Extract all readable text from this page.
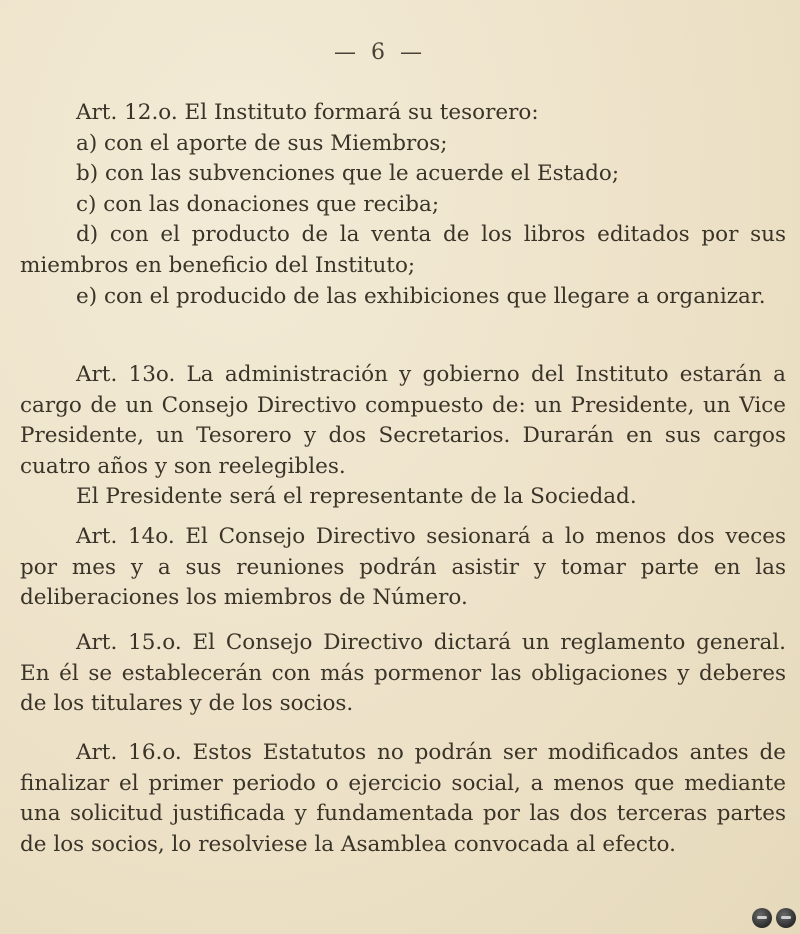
— 6 —

Art. 12.o. El Instituto formará su tesorero:

a) con el aporte de sus Miembros;

b) con las subvenciones que le acuerde el Estado;

c) con las donaciones que reciba;

d) con el producto de la venta de los libros editados por sus miembros en beneficio del Instituto;

e) con el producido de las exhibiciones que llegare a organizar.

Art. 13o. La administración y gobierno del Instituto estarán a cargo de un Consejo Directivo compuesto de: un Presidente, un Vice Presidente, un Tesorero y dos Secretarios. Durarán en sus cargos cuatro años y son reelegibles.

El Presidente será el representante de la Sociedad.

Art. 14o. El Consejo Directivo sesionará a lo menos dos veces por mes y a sus reuniones podrán asistir y tomar parte en las deliberaciones los miembros de Número.

Art. 15.o. El Consejo Directivo dictará un reglamento general. En él se establecerán con más pormenor las obligaciones y deberes de los titulares y de los socios.

Art. 16.o. Estos Estatutos no podrán ser modificados antes de finalizar el primer periodo o ejercicio social, a menos que mediante una solicitud justificada y fundamentada por las dos terceras partes de los socios, lo resolviese la Asamblea convocada al efecto.
